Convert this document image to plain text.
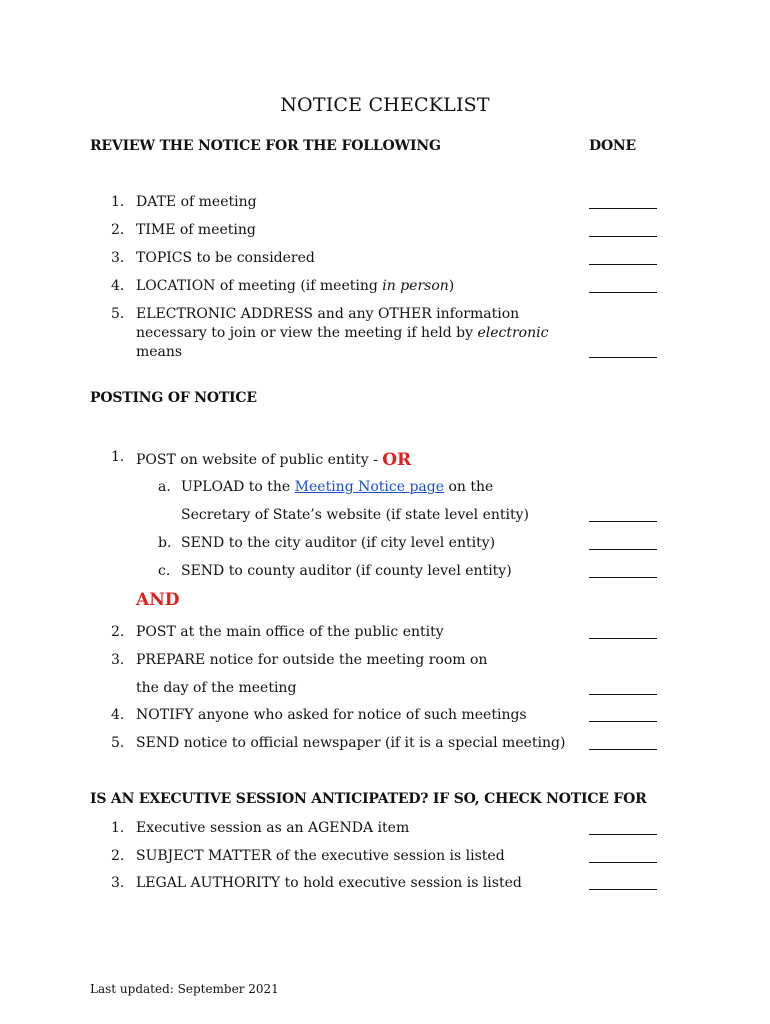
NOTICE CHECKLIST
REVIEW THE NOTICE FOR THE FOLLOWING	DONE
1. DATE of meeting
2. TIME of meeting
3. TOPICS to be considered
4. LOCATION of meeting (if meeting in person)
5. ELECTRONIC ADDRESS and any OTHER information
necessary to join or view the meeting if held by electronic
means
POSTING OF NOTICE
1. POST on website of public entity - OR
a. UPLOAD to the Meeting Notice page on the
Secretary of State’s website (if state level entity)
b. SEND to the city auditor (if city level entity)
c. SEND to county auditor (if county level entity)
AND
2. POST at the main office of the public entity
3. PREPARE notice for outside the meeting room on
the day of the meeting
4. NOTIFY anyone who asked for notice of such meetings
5. SEND notice to official newspaper (if it is a special meeting)
IS AN EXECUTIVE SESSION ANTICIPATED? IF SO, CHECK NOTICE FOR
1. Executive session as an AGENDA item
2. SUBJECT MATTER of the executive session is listed
3. LEGAL AUTHORITY to hold executive session is listed
Last updated: September 2021
